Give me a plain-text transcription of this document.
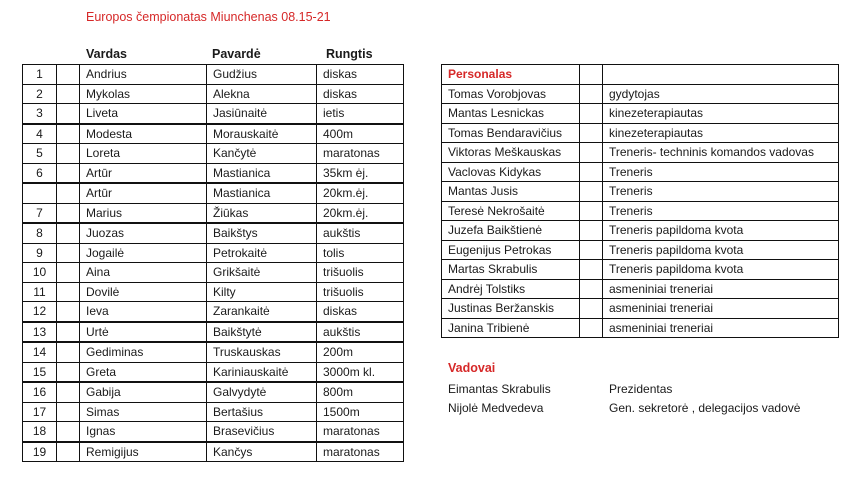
Europos čempionatas Miunchenas 08.15-21
Vardas	Pavardė	Rungtis
1		Andrius	Gudžius	diskas
2		Mykolas	Alekna	diskas
3		Liveta	Jasiūnaitė	ietis
4		Modesta	Morauskaitė	400m
5		Loreta	Kančytė	maratonas
6		Artūr	Mastianica	35km ėj.
		Artūr	Mastianica	20km.ėj.
7		Marius	Žiūkas	20km.ėj.
8		Juozas	Baikštys	aukštis
9		Jogailė	Petrokaitė	tolis
10		Aina	Grikšaitė	trišuolis
11		Dovilė	Kilty	trišuolis
12		Ieva	Zarankaitė	diskas
13		Urtė	Baikštytė	aukštis
14		Gediminas	Truskauskas	200m
15		Greta	Kariniauskaitė	3000m kl.
16		Gabija	Galvydytė	800m
17		Simas	Bertašius	1500m
18		Ignas	Brasevičius	maratonas
19		Remigijus	Kančys	maratonas
Personalas		
Tomas Vorobjovas		gydytojas
Mantas Lesnickas		kinezeterapiautas
Tomas Bendaravičius		kinezeterapiautas
Viktoras Meškauskas		Treneris- techninis komandos vadovas
Vaclovas Kidykas		Treneris
Mantas Jusis		Treneris
Teresė Nekrošaitė		Treneris
Juzefa Baikštienė		Treneris papildoma kvota
Eugenijus Petrokas		Treneris papildoma kvota
Martas Skrabulis		Treneris papildoma kvota
Andrėj Tolstiks		asmeniniai treneriai
Justinas Beržanskis		asmeniniai treneriai
Janina Tribienė		asmeniniai treneriai
Vadovai
Eimantas Skrabulis	Prezidentas
Nijolė Medvedeva	Gen. sekretorė , delegacijos vadovė
